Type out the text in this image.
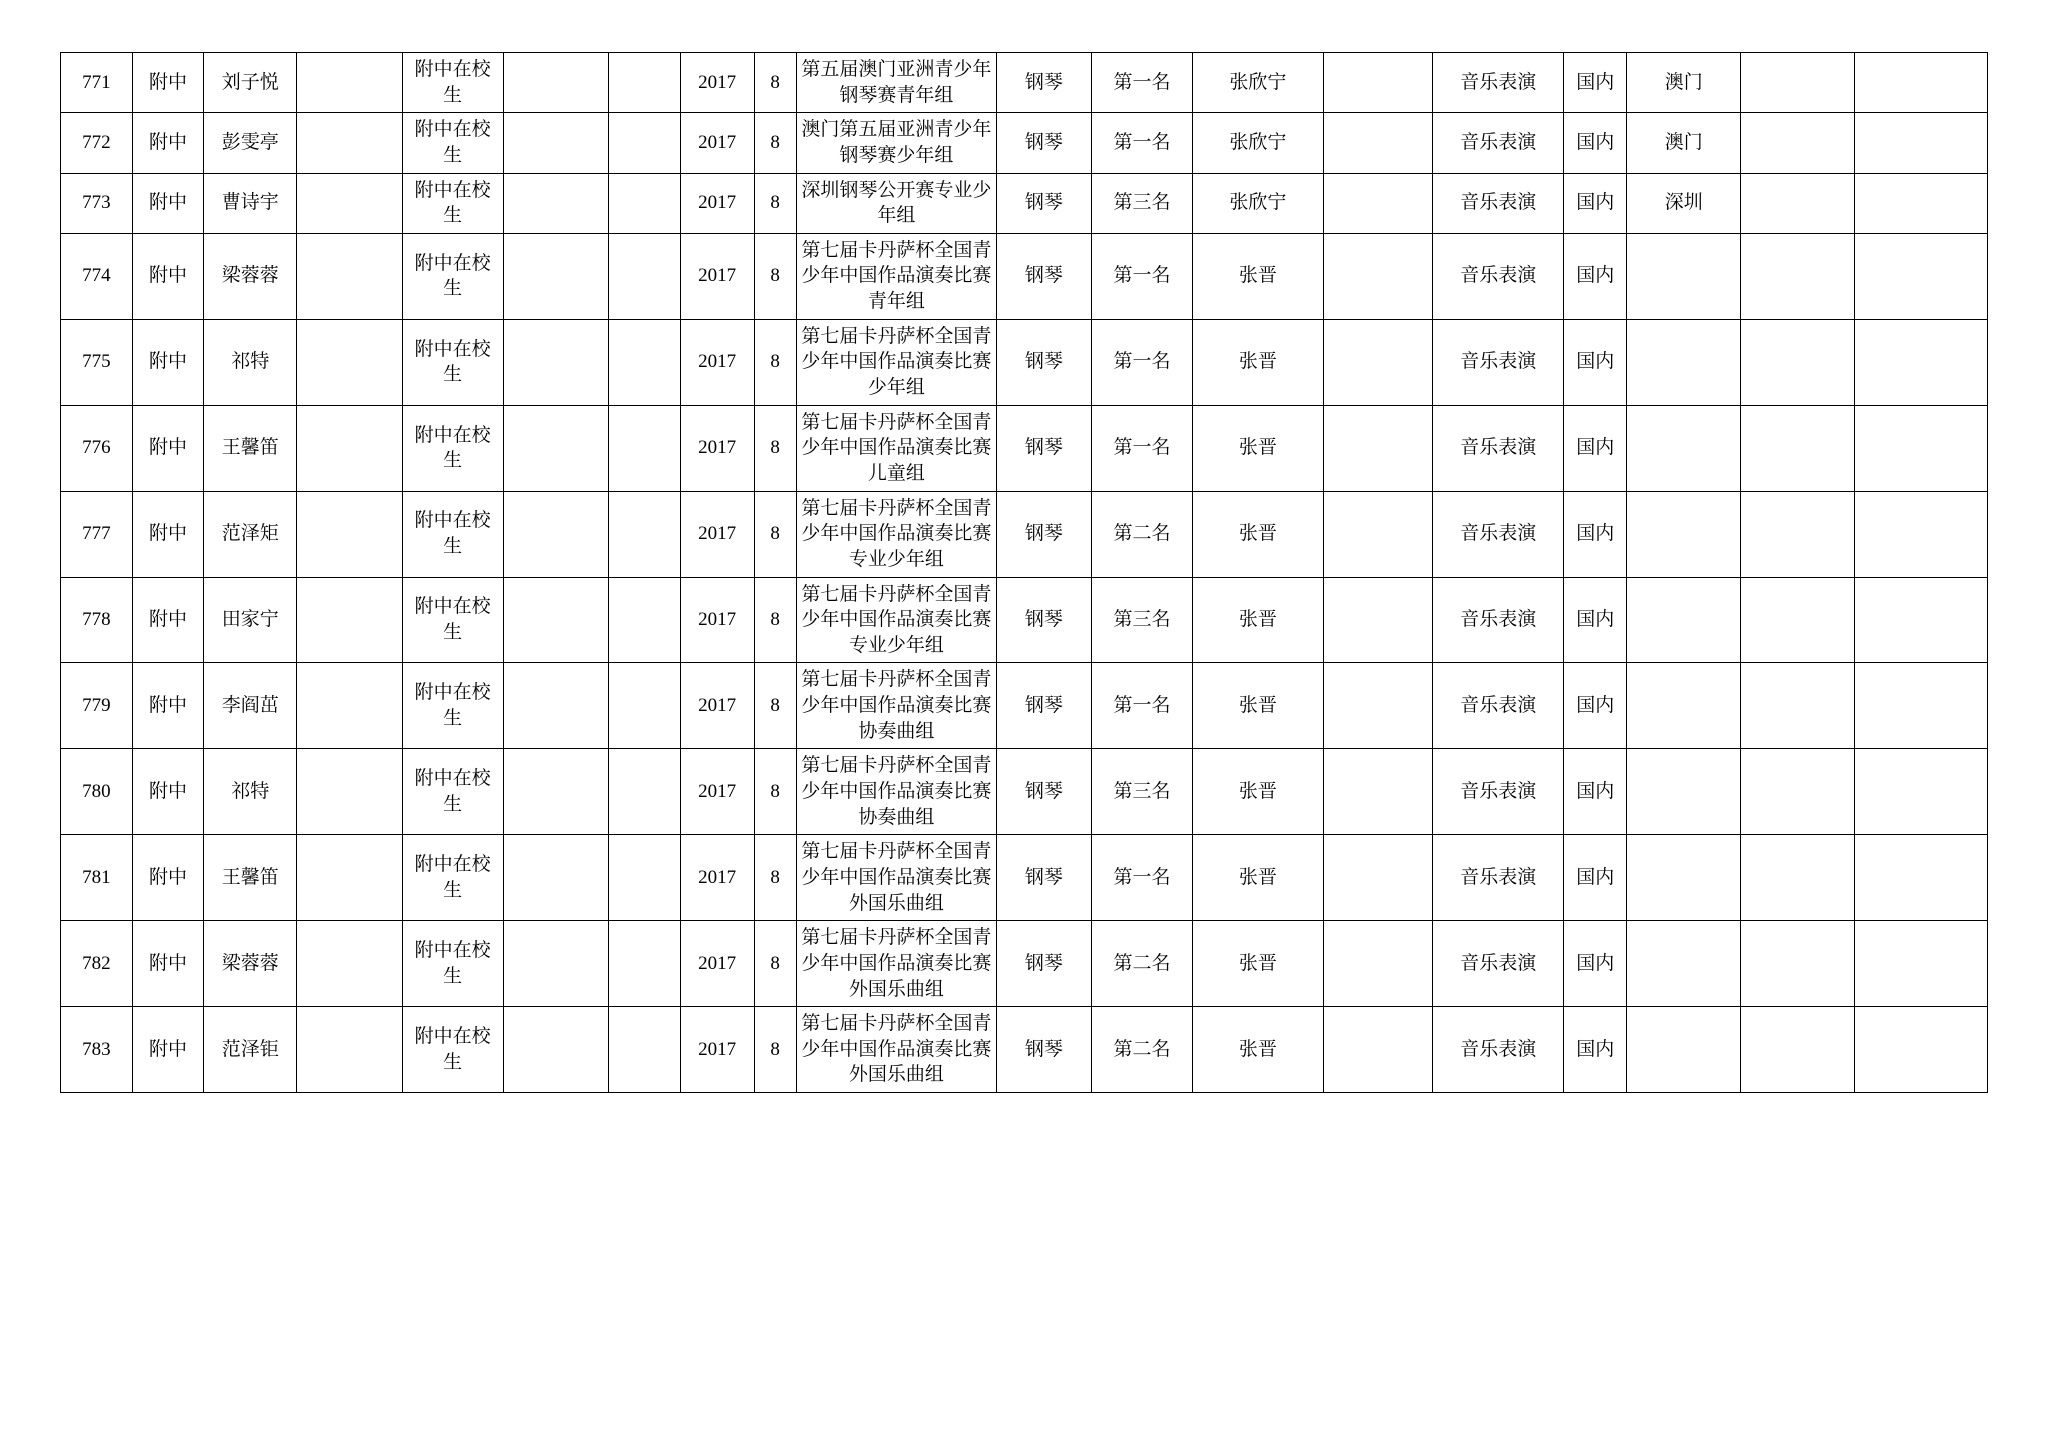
771	附中	刘子悦		附中在校生			2017	8	第五届澳门亚洲青少年钢琴赛青年组	钢琴	第一名	张欣宁		音乐表演	国内	澳门		
772	附中	彭雯亭		附中在校生			2017	8	澳门第五届亚洲青少年钢琴赛少年组	钢琴	第一名	张欣宁		音乐表演	国内	澳门		
773	附中	曹诗宇		附中在校生			2017	8	深圳钢琴公开赛专业少年组	钢琴	第三名	张欣宁		音乐表演	国内	深圳		
774	附中	梁蓉蓉		附中在校生			2017	8	第七届卡丹萨杯全国青少年中国作品演奏比赛青年组	钢琴	第一名	张晋		音乐表演	国内			
775	附中	祁特		附中在校生			2017	8	第七届卡丹萨杯全国青少年中国作品演奏比赛少年组	钢琴	第一名	张晋		音乐表演	国内			
776	附中	王馨笛		附中在校生			2017	8	第七届卡丹萨杯全国青少年中国作品演奏比赛儿童组	钢琴	第一名	张晋		音乐表演	国内			
777	附中	范泽矩		附中在校生			2017	8	第七届卡丹萨杯全国青少年中国作品演奏比赛专业少年组	钢琴	第二名	张晋		音乐表演	国内			
778	附中	田家宁		附中在校生			2017	8	第七届卡丹萨杯全国青少年中国作品演奏比赛专业少年组	钢琴	第三名	张晋		音乐表演	国内			
779	附中	李阎茁		附中在校生			2017	8	第七届卡丹萨杯全国青少年中国作品演奏比赛协奏曲组	钢琴	第一名	张晋		音乐表演	国内			
780	附中	祁特		附中在校生			2017	8	第七届卡丹萨杯全国青少年中国作品演奏比赛协奏曲组	钢琴	第三名	张晋		音乐表演	国内			
781	附中	王馨笛		附中在校生			2017	8	第七届卡丹萨杯全国青少年中国作品演奏比赛外国乐曲组	钢琴	第一名	张晋		音乐表演	国内			
782	附中	梁蓉蓉		附中在校生			2017	8	第七届卡丹萨杯全国青少年中国作品演奏比赛外国乐曲组	钢琴	第二名	张晋		音乐表演	国内			
783	附中	范泽钜		附中在校生			2017	8	第七届卡丹萨杯全国青少年中国作品演奏比赛外国乐曲组	钢琴	第二名	张晋		音乐表演	国内			
